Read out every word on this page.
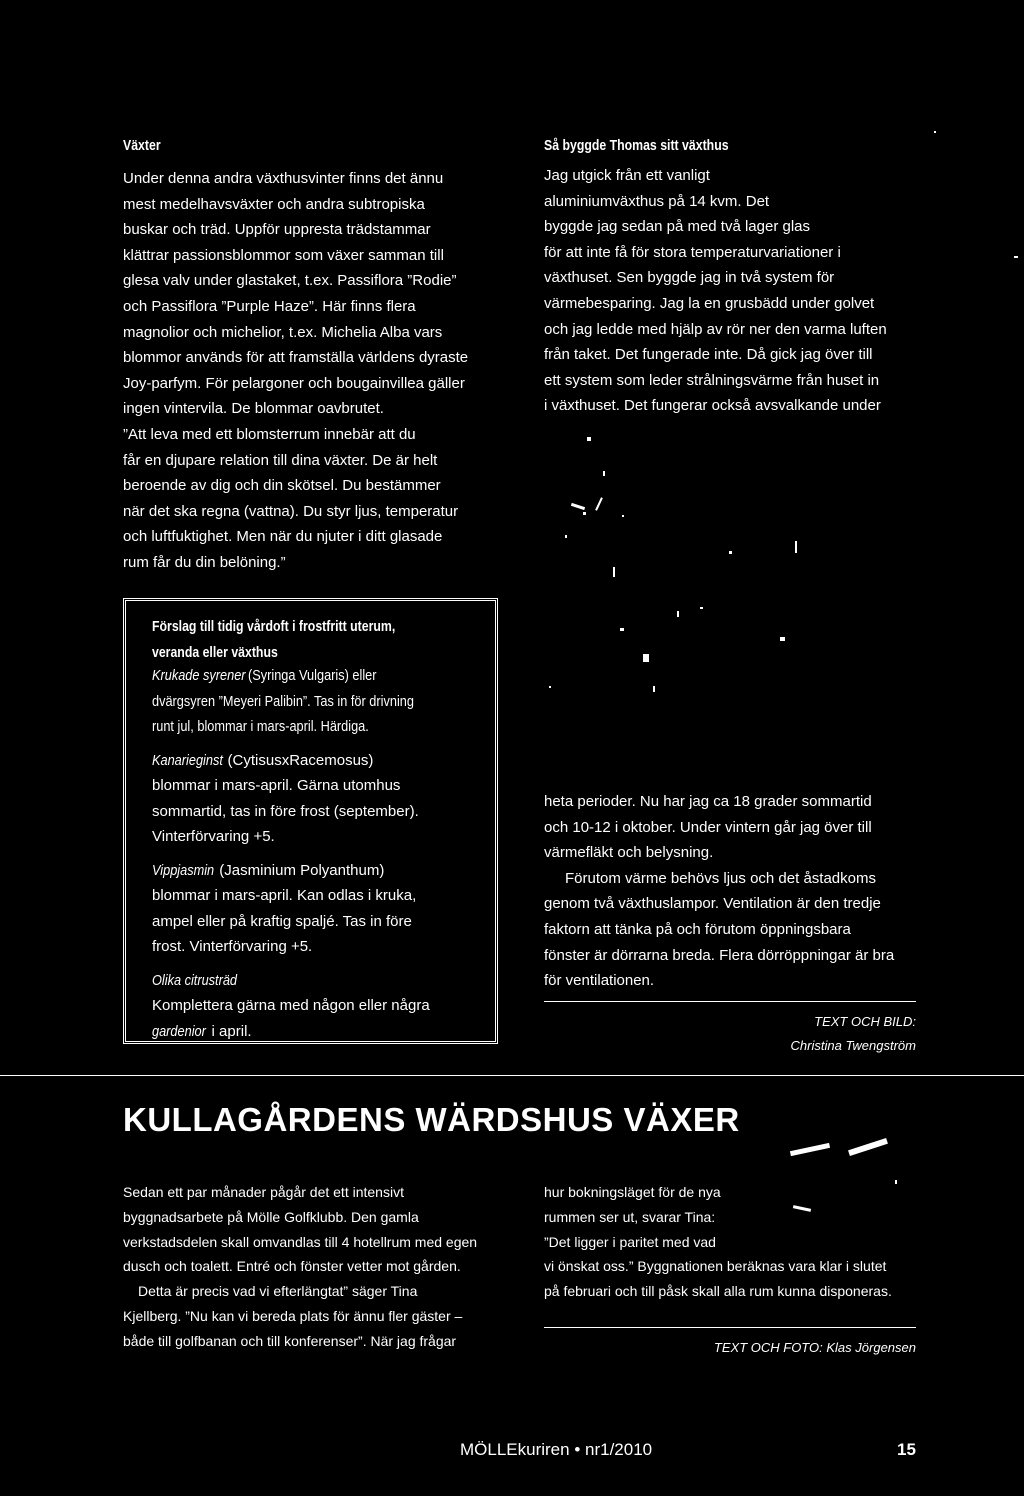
Växter
Under denna andra växthusvinter finns det ännu
mest medelhavsväxter och andra subtropiska
buskar och träd. Uppför uppresta trädstammar
klättrar passionsblommor som växer samman till
glesa valv under glastaket, t.ex. Passiflora ”Rodie”
och Passiflora ”Purple Haze”. Här finns flera
magnolior och michelior, t.ex. Michelia Alba vars
blommor används för att framställa världens dyraste
Joy-parfym. För pelargoner och bougainvillea gäller
ingen vintervila. De blommar oavbrutet.
”Att leva med ett blomsterrum innebär att du
får en djupare relation till dina växter. De är helt
beroende av dig och din skötsel. Du bestämmer
när det ska regna (vattna). Du styr ljus, temperatur
och luftfuktighet. Men när du njuter i ditt glasade
rum får du din belöning.”
Så byggde Thomas sitt växthus
Jag utgick från ett vanligt
aluminiumväxthus på 14 kvm. Det
byggde jag sedan på med två lager glas
för att inte få för stora temperaturvariationer i
växthuset. Sen byggde jag in två system för
värmebesparing. Jag la en grusbädd under golvet
och jag ledde med hjälp av rör ner den varma luften
från taket. Det fungerade inte. Då gick jag över till
ett system som leder strålningsvärme från huset in
i växthuset. Det fungerar också avsvalkande under
Förslag till tidig vårdoft i frostfritt uterum,
veranda eller växthus
Krukade syrener(Syringa Vulgaris) eller
dvärgsyren ”Meyeri Palibin”. Tas in för drivning
runt jul, blommar i mars-april. Härdiga.
Kanarieginst (CytisusxRacemosus)
blommar i mars-april. Gärna utomhus
sommartid, tas in före frost (september).
Vinterförvaring +5.
Vippjasmin (Jasminium Polyanthum)
blommar i mars-april. Kan odlas i kruka,
ampel eller på kraftig spaljé. Tas in före
frost. Vinterförvaring +5.
Olika citrusträd
Komplettera gärna med någon eller några
gardenior i april.
heta perioder. Nu har jag ca 18 grader sommartid
och 10-12 i oktober. Under vintern går jag över till
värmefläkt och belysning.
Förutom värme behövs ljus och det åstadkoms
genom två växthuslampor. Ventilation är den tredje
faktorn att tänka på och förutom öppningsbara
fönster är dörrarna breda. Flera dörröppningar är bra
för ventilationen.
TEXT OCH BILD:
Christina Twengström
KULLAGÅRDENS WÄRDSHUS VÄXER
Sedan ett par månader pågår det ett intensivt
byggnadsarbete på Mölle Golfklubb. Den gamla
verkstadsdelen skall omvandlas till 4 hotellrum med egen
dusch och toalett. Entré och fönster vetter mot gården.
Detta är precis vad vi efterlängtat” säger Tina
Kjellberg. ”Nu kan vi bereda plats för ännu fler gäster –
både till golfbanan och till konferenser”. När jag frågar
hur bokningsläget för de nya
rummen ser ut, svarar Tina:
”Det ligger i paritet med vad
vi önskat oss.” Byggnationen beräknas vara klar i slutet
på februari och till påsk skall alla rum kunna disponeras.
TEXT OCH FOTO: Klas Jörgensen
MÖLLEkuriren • nr1/2010	15
